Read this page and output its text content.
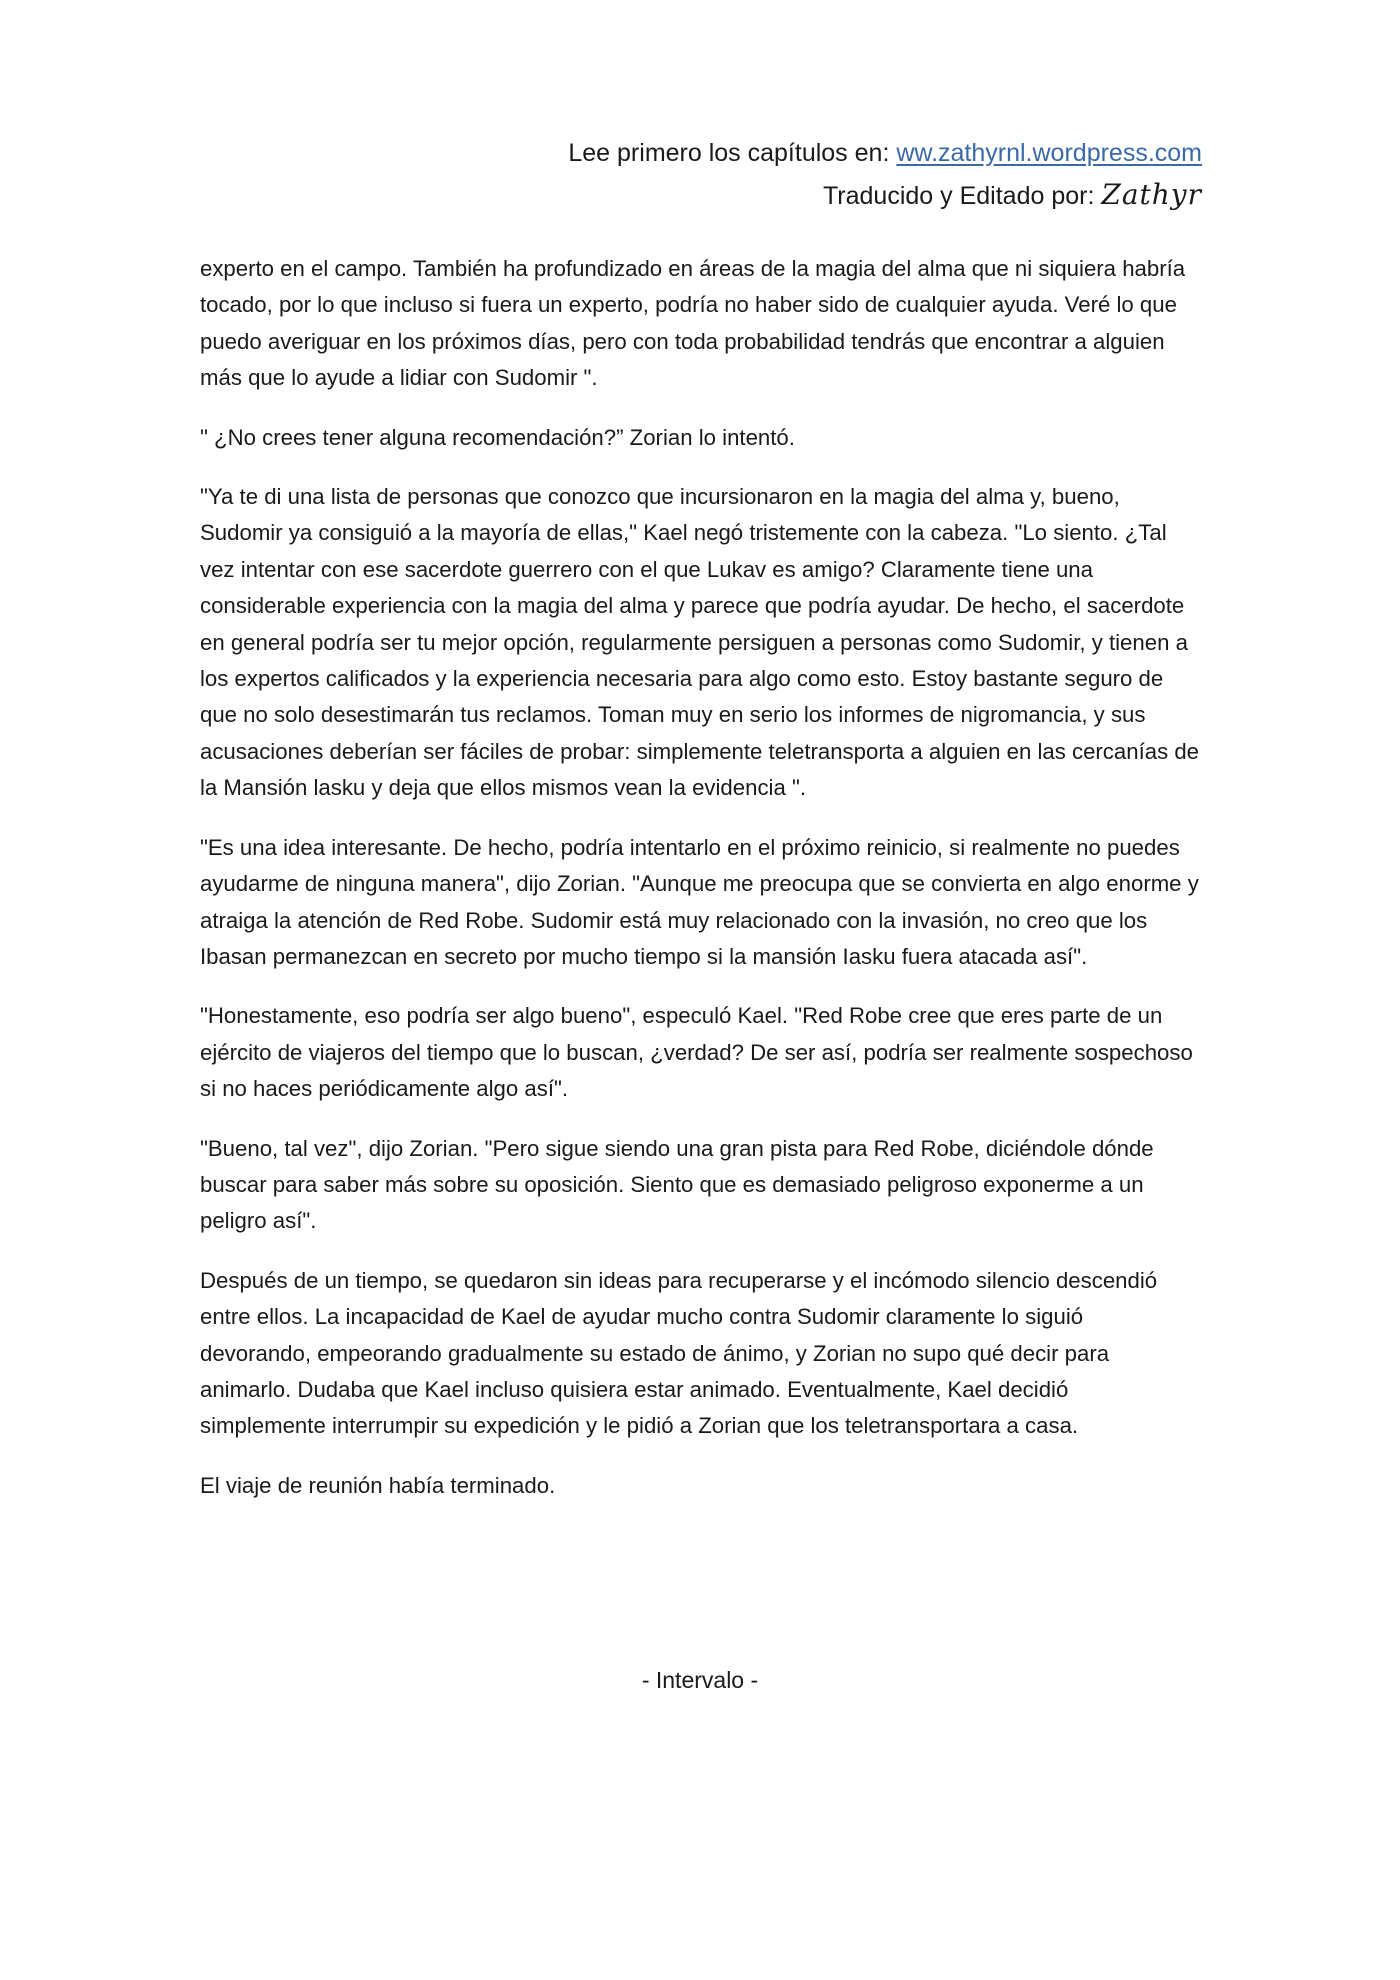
Lee primero los capítulos en: ww.zathyrnl.wordpress.com
Traducido y Editado por: Zathyr

experto en el campo. También ha profundizado en áreas de la magia del alma que ni siquiera habría tocado, por lo que incluso si fuera un experto, podría no haber sido de cualquier ayuda. Veré lo que puedo averiguar en los próximos días, pero con toda probabilidad tendrás que encontrar a alguien más que lo ayude a lidiar con Sudomir ".

" ¿No crees tener alguna recomendación?” Zorian lo intentó.

"Ya te di una lista de personas que conozco que incursionaron en la magia del alma y, bueno, Sudomir ya consiguió a la mayoría de ellas," Kael negó tristemente con la cabeza. "Lo siento. ¿Tal vez intentar con ese sacerdote guerrero con el que Lukav es amigo? Claramente tiene una considerable experiencia con la magia del alma y parece que podría ayudar. De hecho, el sacerdote en general podría ser tu mejor opción, regularmente persiguen a personas como Sudomir, y tienen a los expertos calificados y la experiencia necesaria para algo como esto. Estoy bastante seguro de que no solo desestimarán tus reclamos. Toman muy en serio los informes de nigromancia, y sus acusaciones deberían ser fáciles de probar: simplemente teletransporta a alguien en las cercanías de la Mansión lasku y deja que ellos mismos vean la evidencia ".

"Es una idea interesante. De hecho, podría intentarlo en el próximo reinicio, si realmente no puedes ayudarme de ninguna manera", dijo Zorian. "Aunque me preocupa que se convierta en algo enorme y atraiga la atención de Red Robe. Sudomir está muy relacionado con la invasión, no creo que los Ibasan permanezcan en secreto por mucho tiempo si la mansión Iasku fuera atacada así".

"Honestamente, eso podría ser algo bueno", especuló Kael. "Red Robe cree que eres parte de un ejército de viajeros del tiempo que lo buscan, ¿verdad? De ser así, podría ser realmente sospechoso si no haces periódicamente algo así".

"Bueno, tal vez", dijo Zorian. "Pero sigue siendo una gran pista para Red Robe, diciéndole dónde buscar para saber más sobre su oposición. Siento que es demasiado peligroso exponerme a un peligro así".

Después de un tiempo, se quedaron sin ideas para recuperarse y el incómodo silencio descendió entre ellos. La incapacidad de Kael de ayudar mucho contra Sudomir claramente lo siguió devorando, empeorando gradualmente su estado de ánimo, y Zorian no supo qué decir para animarlo. Dudaba que Kael incluso quisiera estar animado. Eventualmente, Kael decidió simplemente interrumpir su expedición y le pidió a Zorian que los teletransportara a casa.

El viaje de reunión había terminado.

- Intervalo -
